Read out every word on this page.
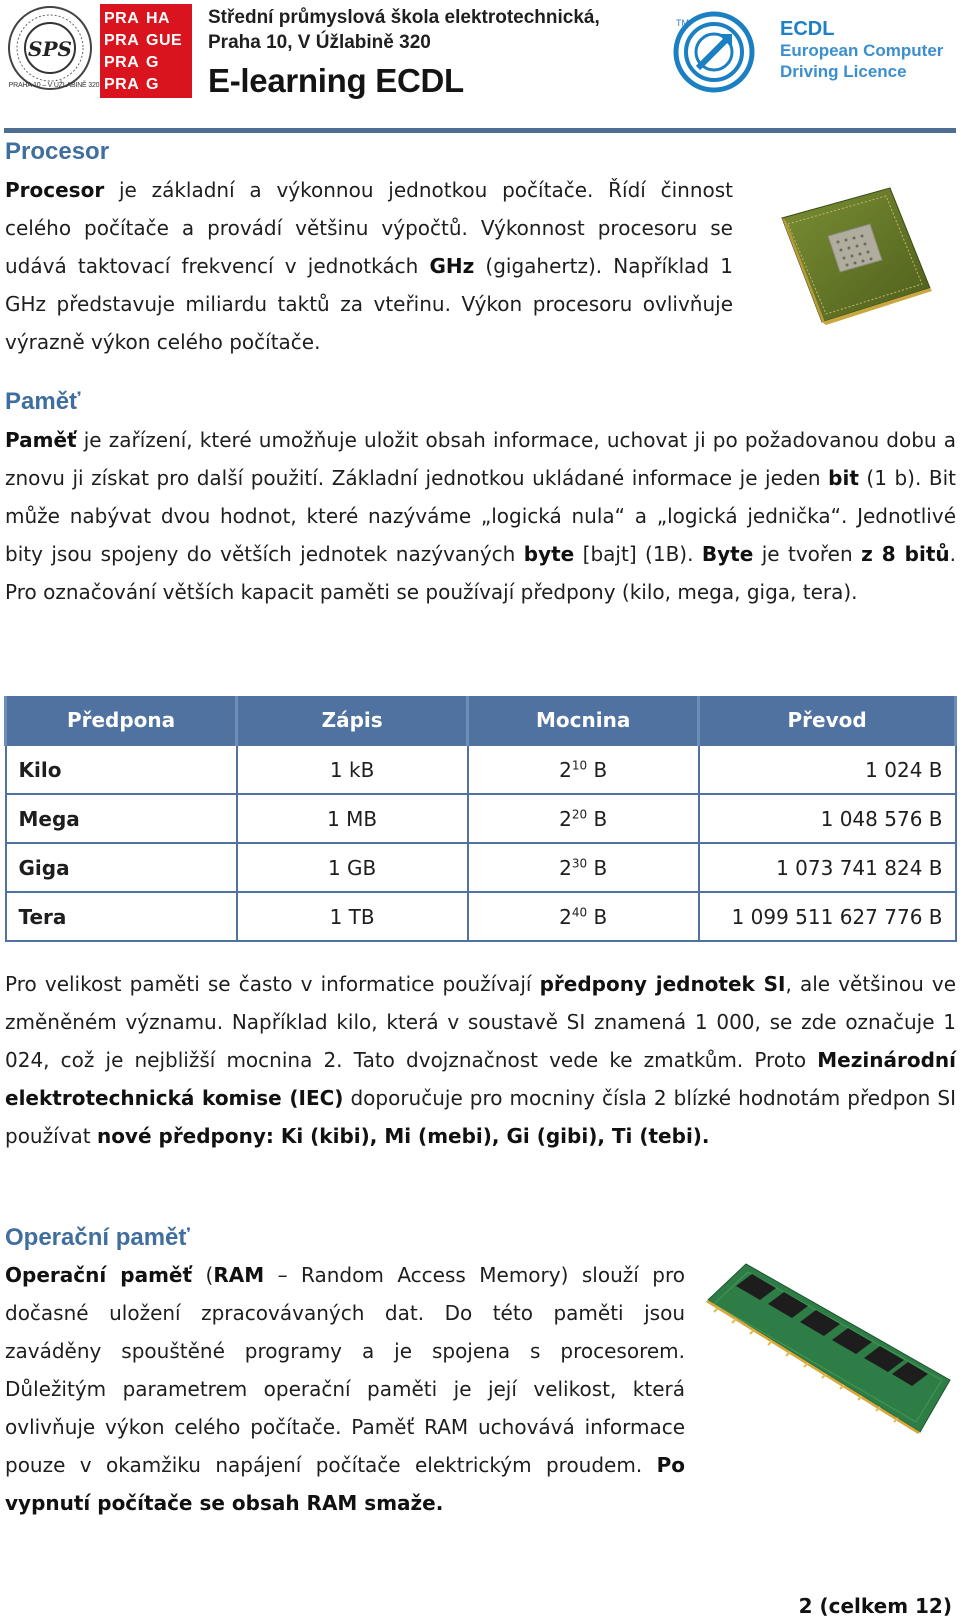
SPS
PRAHA 10 – V ÚŽLABINĚ 320
PRA HA
PRA GUE
PRA G
PRA G
Střední průmyslová škola elektrotechnická,
Praha 10, V Úžlabině 320
E-learning ECDL
TM	ECDL
European Computer
Driving Licence
Procesor

Procesor je základní a výkonnou jednotkou počítače. Řídí činnost celého počítače a provádí většinu výpočtů. Výkonnost procesoru se udává taktovací frekvencí v jednotkách GHz (gigahertz). Například 1 GHz představuje miliardu taktů za vteřinu. Výkon procesoru ovlivňuje výrazně výkon celého počítače.

Paměť

Paměť je zařízení, které umožňuje uložit obsah informace, uchovat ji po požadovanou dobu a znovu ji získat pro další použití. Základní jednotkou ukládané informace je jeden bit (1 b). Bit může nabývat dvou hodnot, které nazýváme „logická nula“ a „logická jednička“. Jednotlivé bity jsou spojeny do větších jednotek nazývaných byte [bajt] (1B). Byte je tvořen z 8 bitů. Pro označování větších kapacit paměti se používají předpony (kilo, mega, giga, tera).

Předpona	Zápis	Mocnina	Převod
Kilo	1 kB	$2^{10}$ B	1 024 B
Mega	1 MB	$2^{20}$ B	1 048 576 B
Giga	1 GB	$2^{30}$ B	1 073 741 824 B
Tera	1 TB	$2^{40}$ B	1 099 511 627 776 B

Pro velikost paměti se často v informatice používají předpony jednotek SI, ale většinou ve změněném významu. Například kilo, která v soustavě SI znamená 1 000, se zde označuje 1 024, což je nejbližší mocnina 2. Tato dvojznačnost vede ke zmatkům. Proto Mezinárodní elektrotechnická komise (IEC) doporučuje pro mocniny čísla 2 blízké hodnotám předpon SI používat nové předpony: Ki (kibi), Mi (mebi), Gi (gibi), Ti (tebi).

Operační paměť

Operační paměť (RAM – Random Access Memory) slouží pro dočasné uložení zpracovávaných dat. Do této paměti jsou zaváděny spouštěné programy a je spojena s procesorem. Důležitým parametrem operační paměti je její velikost, která ovlivňuje výkon celého počítače. Paměť RAM uchovává informace pouze v okamžiku napájení počítače elektrickým proudem. Po vypnutí počítače se obsah RAM smaže.

2 (celkem 12)
